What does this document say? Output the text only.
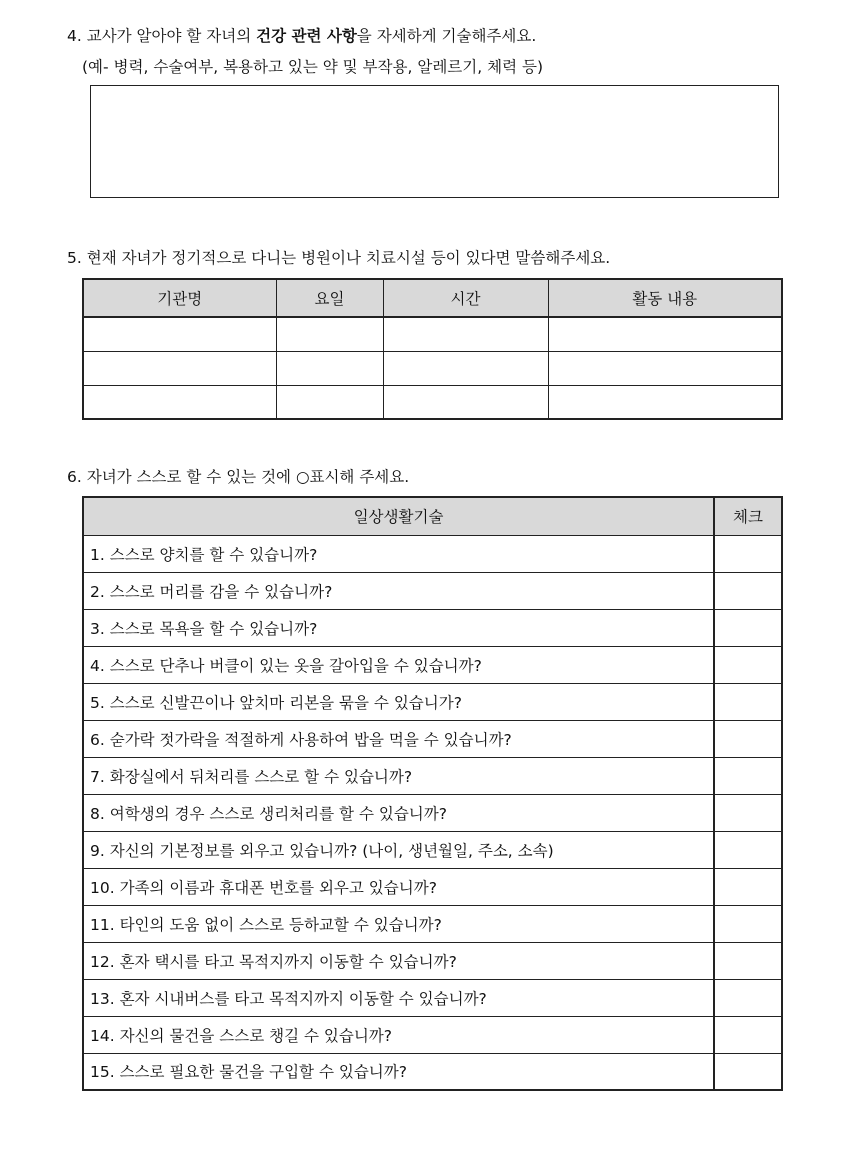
4. 교사가 알아야 할 자녀의 건강 관련 사항을 자세하게 기술해주세요.
(예- 병력, 수술여부, 복용하고 있는 약 및 부작용, 알레르기, 체력 등)
5. 현재 자녀가 정기적으로 다니는 병원이나 치료시설 등이 있다면 말씀해주세요.
기관명	요일	시간	활동 내용

6. 자녀가 스스로 할 수 있는 것에 ○표시해 주세요.
일상생활기술	체크
1. 스스로 양치를 할 수 있습니까?	
2. 스스로 머리를 감을 수 있습니까?	
3. 스스로 목욕을 할 수 있습니까?	
4. 스스로 단추나 버클이 있는 옷을 갈아입을 수 있습니까?	
5. 스스로 신발끈이나 앞치마 리본을 묶을 수 있습니가?	
6. 숟가락 젓가락을 적절하게 사용하여 밥을 먹을 수 있습니까?	
7. 화장실에서 뒤처리를 스스로 할 수 있습니까?	
8. 여학생의 경우 스스로 생리처리를 할 수 있습니까?	
9. 자신의 기본정보를 외우고 있습니까? (나이, 생년월일, 주소, 소속)	
10. 가족의 이름과 휴대폰 번호를 외우고 있습니까?	
11. 타인의 도움 없이 스스로 등하교할 수 있습니까?	
12. 혼자 택시를 타고 목적지까지 이동할 수 있습니까?	
13. 혼자 시내버스를 타고 목적지까지 이동할 수 있습니까?	
14. 자신의 물건을 스스로 챙길 수 있습니까?	
15. 스스로 필요한 물건을 구입할 수 있습니까?	
